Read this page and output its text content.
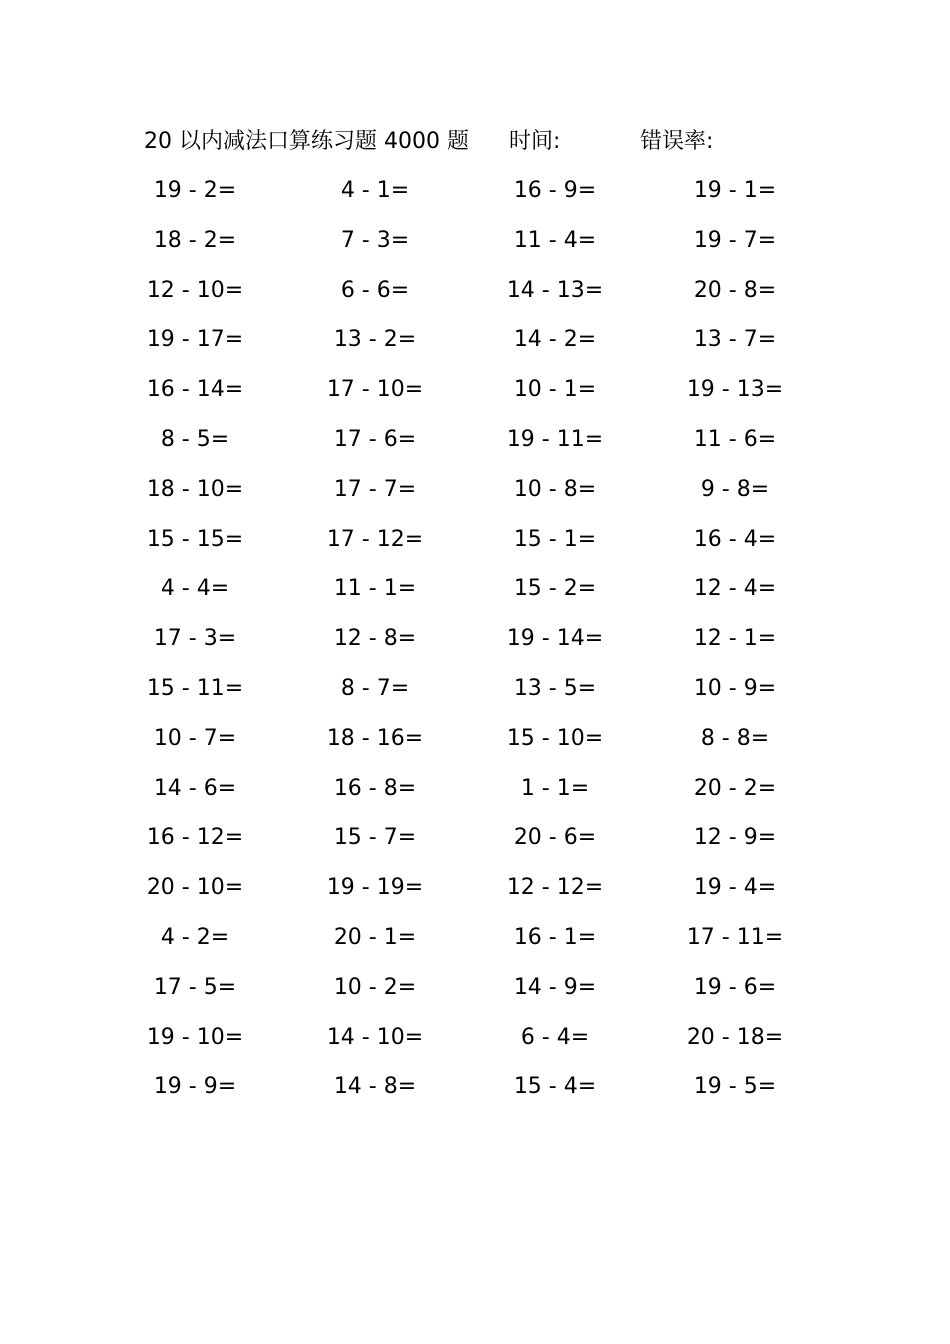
20 以内减法口算练习题 4000 题 时间:	错误率:
19 - 2=	4 - 1=	16 - 9=	19 - 1=
18 - 2=	7 - 3=	11 - 4=	19 - 7=
12 - 10=	6 - 6=	14 - 13=	20 - 8=
19 - 17=	13 - 2=	14 - 2=	13 - 7=
16 - 14=	17 - 10=	10 - 1=	19 - 13=
8 - 5=	17 - 6=	19 - 11=	11 - 6=
18 - 10=	17 - 7=	10 - 8=	9 - 8=
15 - 15=	17 - 12=	15 - 1=	16 - 4=
4 - 4=	11 - 1=	15 - 2=	12 - 4=
17 - 3=	12 - 8=	19 - 14=	12 - 1=
15 - 11=	8 - 7=	13 - 5=	10 - 9=
10 - 7=	18 - 16=	15 - 10=	8 - 8=
14 - 6=	16 - 8=	1 - 1=	20 - 2=
16 - 12=	15 - 7=	20 - 6=	12 - 9=
20 - 10=	19 - 19=	12 - 12=	19 - 4=
4 - 2=	20 - 1=	16 - 1=	17 - 11=
17 - 5=	10 - 2=	14 - 9=	19 - 6=
19 - 10=	14 - 10=	6 - 4=	20 - 18=
19 - 9=	14 - 8=	15 - 4=	19 - 5=
